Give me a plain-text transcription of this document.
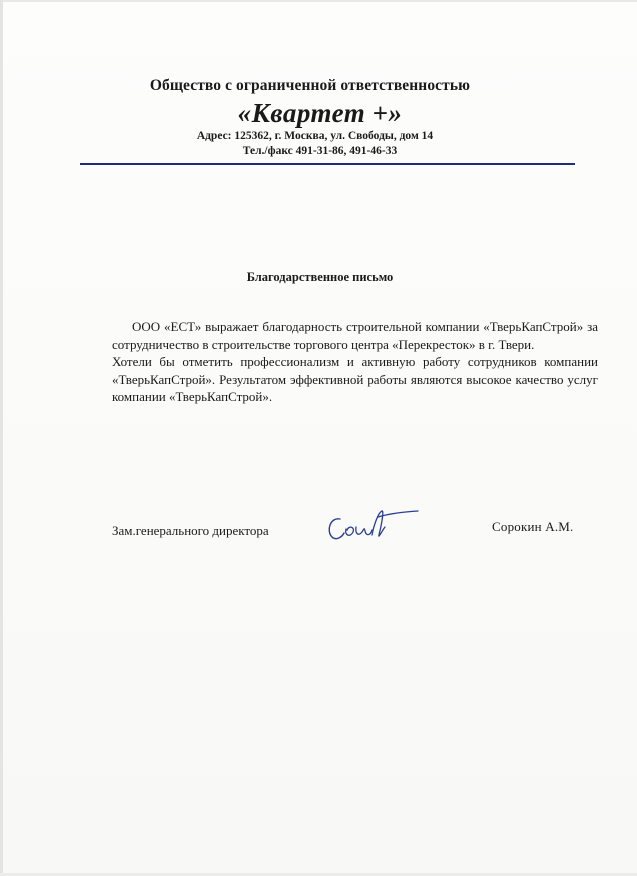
Общество с ограниченной ответственностью
«Квартет +»
Адрес: 125362, г. Москва, ул. Свободы, дом 14
Тел./факс 491-31-86, 491-46-33
Благодарственное письмо

ООО «ЕСТ» выражает благодарность строительной компании «ТверьКапСтрой» за сотрудничество в строительстве торгового центра «Перекресток» в г. Твери.

Хотели бы отметить профессионализм и активную работу сотрудников компании «ТверьКапСтрой». Результатом эффективной работы являются высокое качество услуг компании «ТверьКапСтрой».

Зам.генерального директора	Сорокин А.М.
